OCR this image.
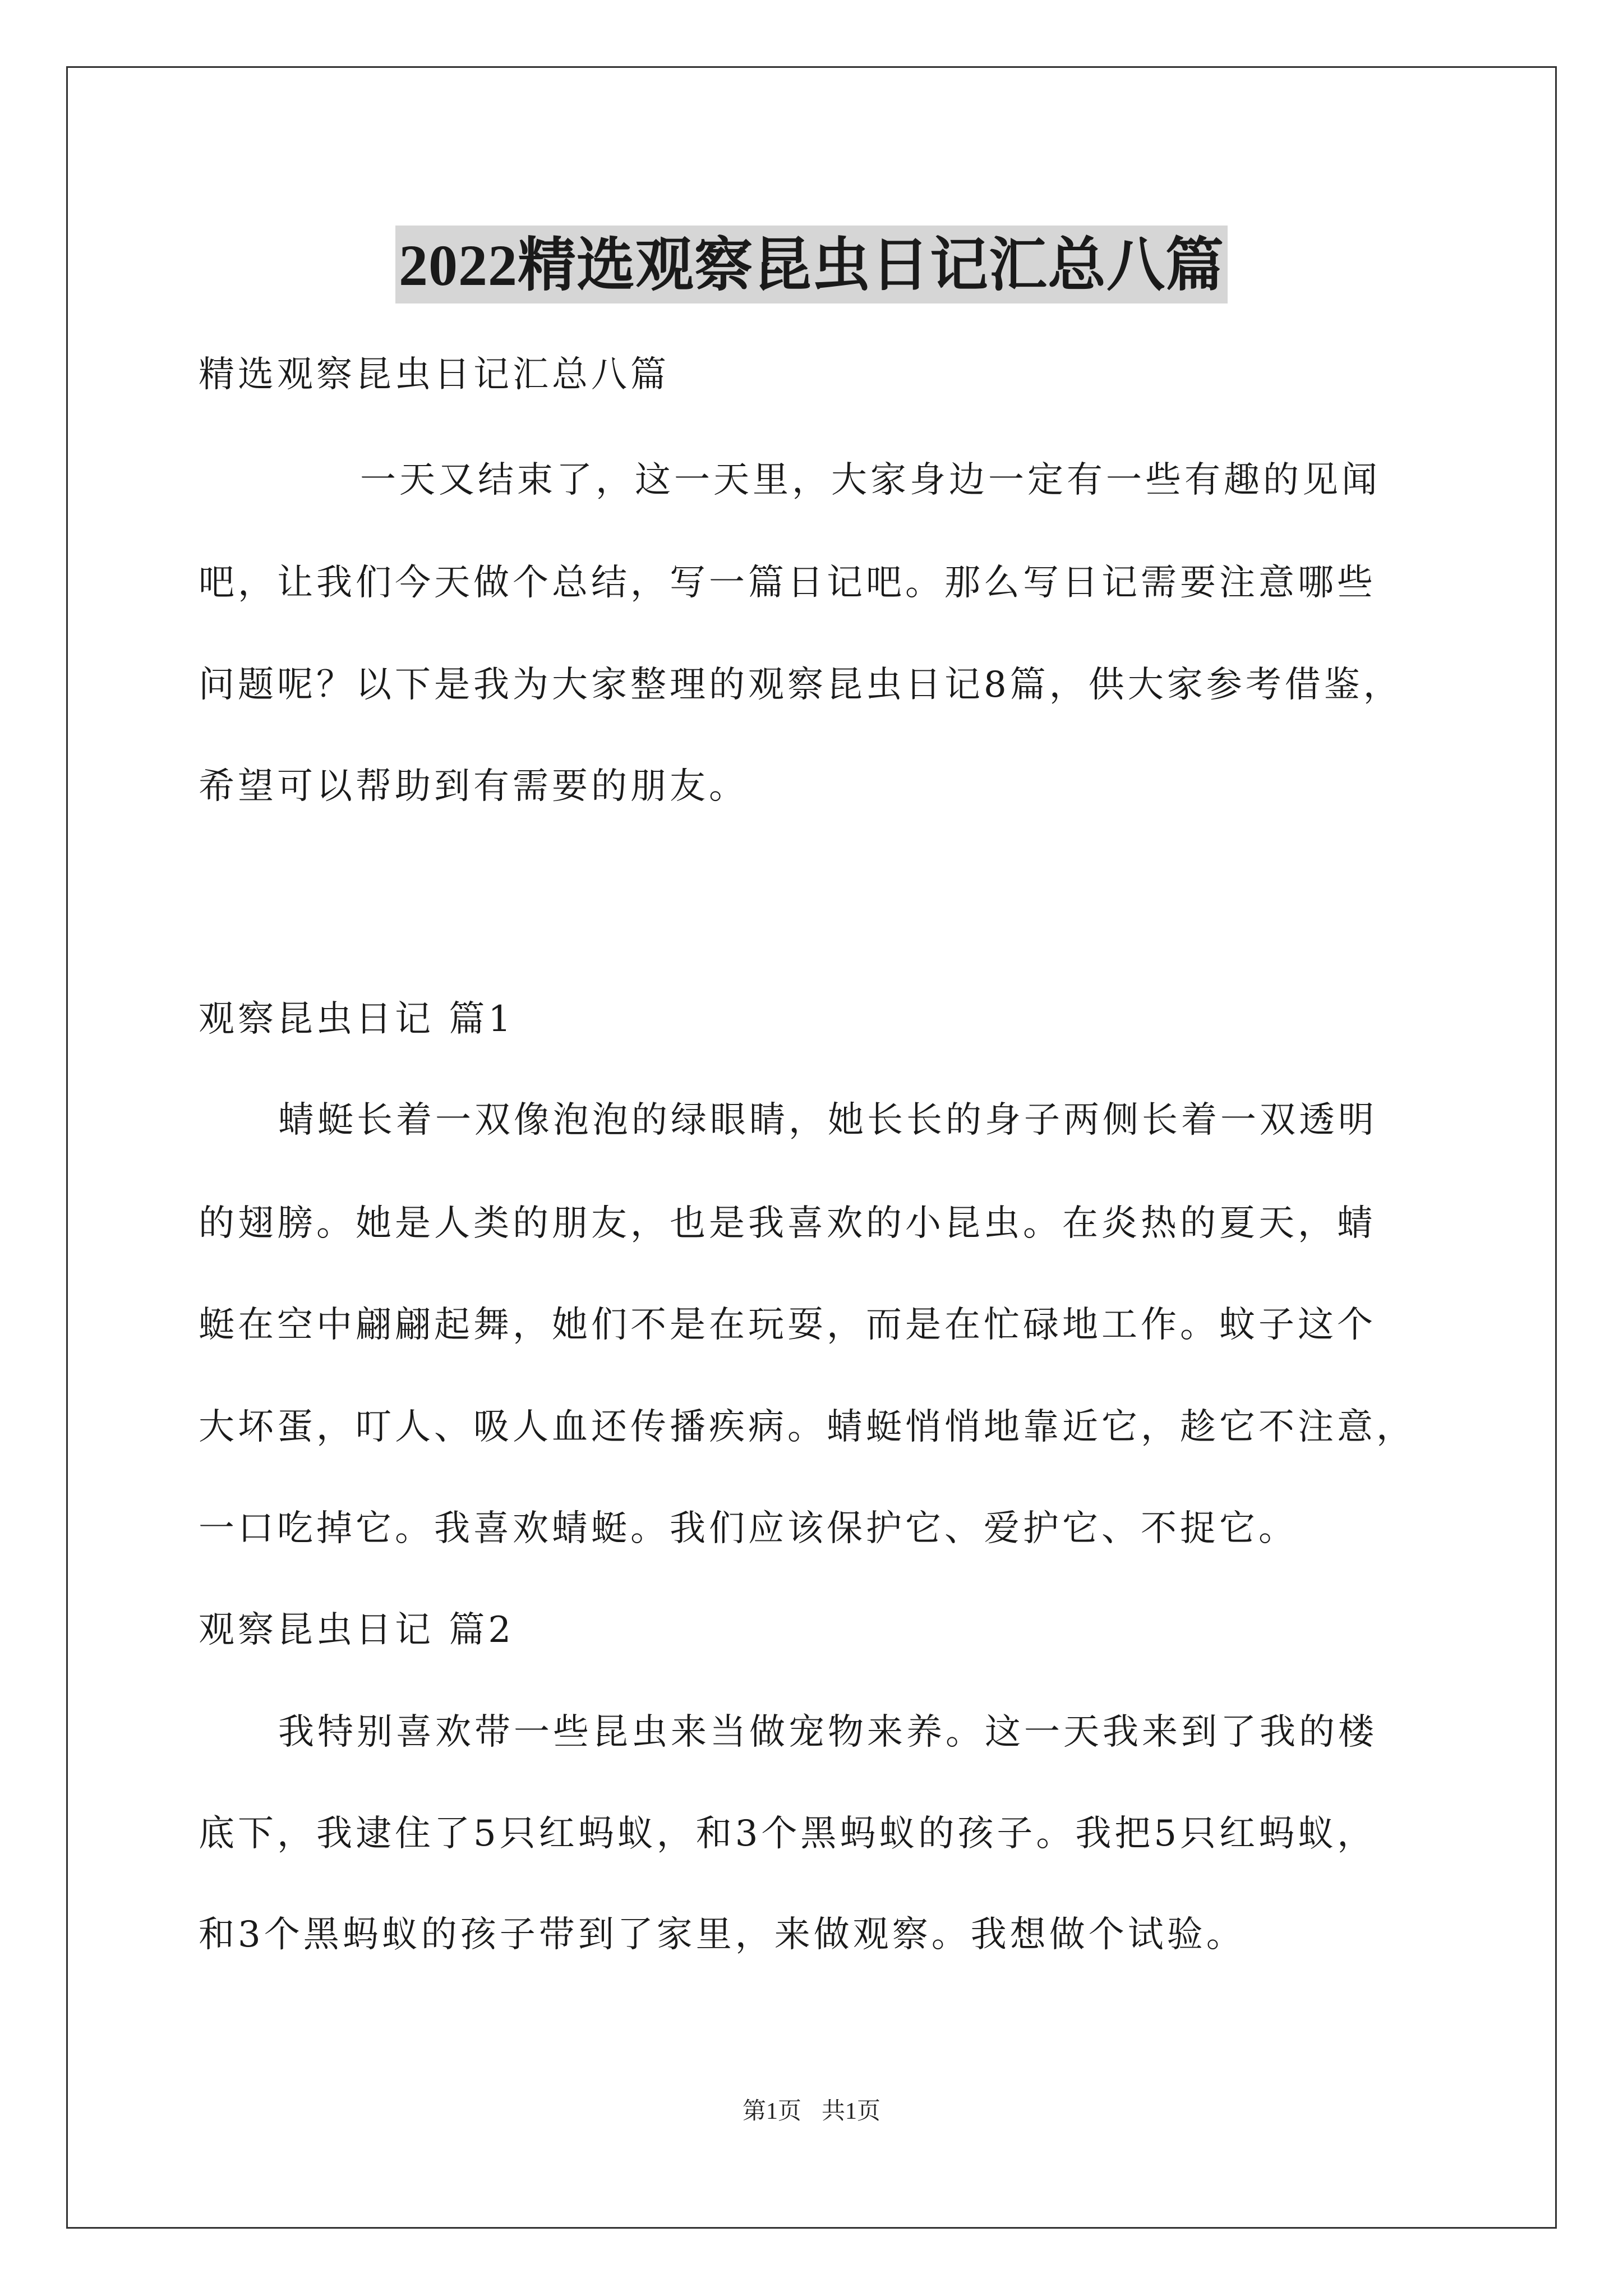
2022精选观察昆虫日记汇总八篇

精选观察昆虫日记汇总八篇

一天又结束了，这一天里，大家身边一定有一些有趣的见闻

吧，让我们今天做个总结，写一篇日记吧。那么写日记需要注意哪些

问题呢？以下是我为大家整理的观察昆虫日记8篇，供大家参考借鉴，

希望可以帮助到有需要的朋友。

观察昆虫日记 篇1

蜻蜓长着一双像泡泡的绿眼睛，她长长的身子两侧长着一双透明

的翅膀。她是人类的朋友，也是我喜欢的小昆虫。在炎热的夏天，蜻

蜓在空中翩翩起舞，她们不是在玩耍，而是在忙碌地工作。蚊子这个

大坏蛋，叮人、吸人血还传播疾病。蜻蜓悄悄地靠近它，趁它不注意，

一口吃掉它。我喜欢蜻蜓。我们应该保护它、爱护它、不捉它。

观察昆虫日记 篇2

我特别喜欢带一些昆虫来当做宠物来养。这一天我来到了我的楼

底下，我逮住了5只红蚂蚁，和3个黑蚂蚁的孩子。我把5只红蚂蚁，

和3个黑蚂蚁的孩子带到了家里，来做观察。我想做个试验。

第1页 共1页
